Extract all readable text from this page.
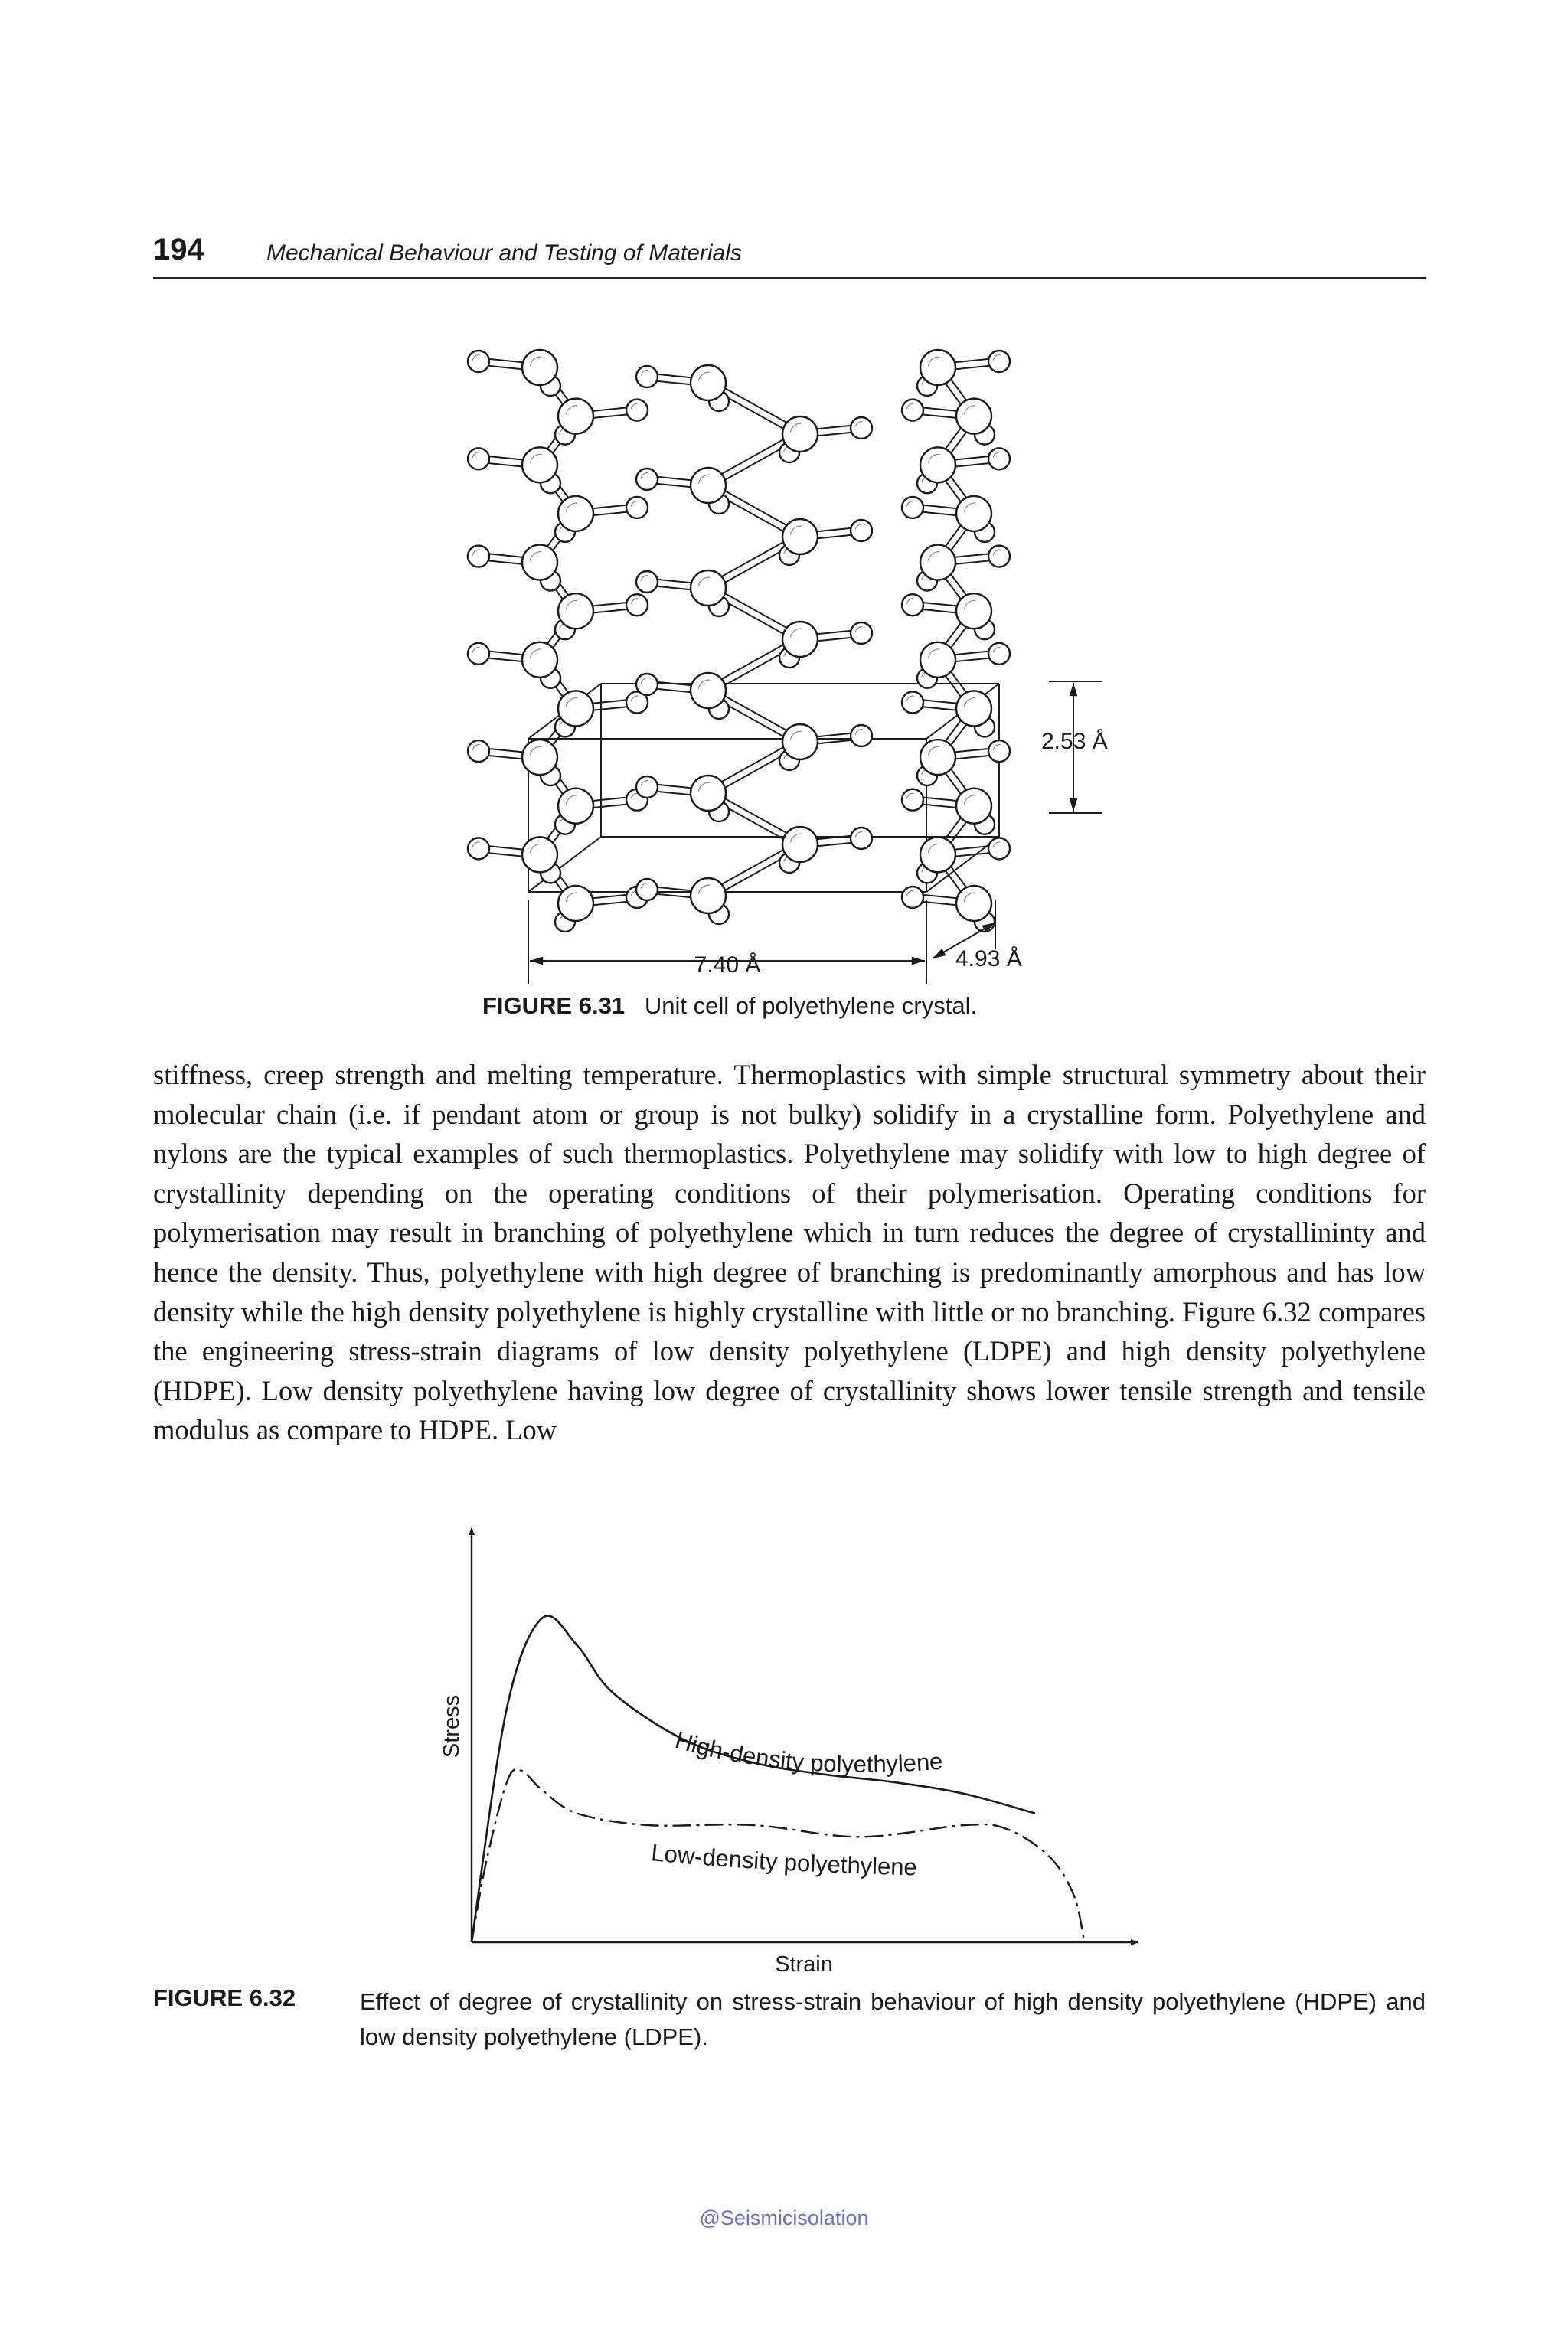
194	Mechanical Behaviour and Testing of Materials
7.40 Å	4.93 Å
2.53 Å
FIGURE 6.31 Unit cell of polyethylene crystal.

stiffness, creep strength and melting temperature. Thermoplastics with simple structural symmetry about their molecular chain (i.e. if pendant atom or group is not bulky) solidify in a crystalline form. Polyethylene and nylons are the typical examples of such thermoplastics. Polyethylene may solidify with low to high degree of crystallinity depending on the operating conditions of their polymerisation. Operating conditions for polymerisation may result in branching of polyethylene which in turn reduces the degree of crystallininty and hence the density. Thus, polyethylene with high degree of branching is predominantly amorphous and has low density while the high density polyethylene is highly crystalline with little or no branching. Figure 6.32 compares the engineering stress-strain diagrams of low density polyethylene (LDPE) and high density polyethylene (HDPE). Low density polyethylene having low degree of crystallinity shows lower tensile strength and tensile modulus as compare to HDPE. Low

High-density polyethylene
Low-density polyethylene
Stress
Strain
FIGURE 6.32	Effect of degree of crystallinity on stress-strain behaviour of high density polyethylene (HDPE) and low density polyethylene (LDPE).
@Seismicisolation
